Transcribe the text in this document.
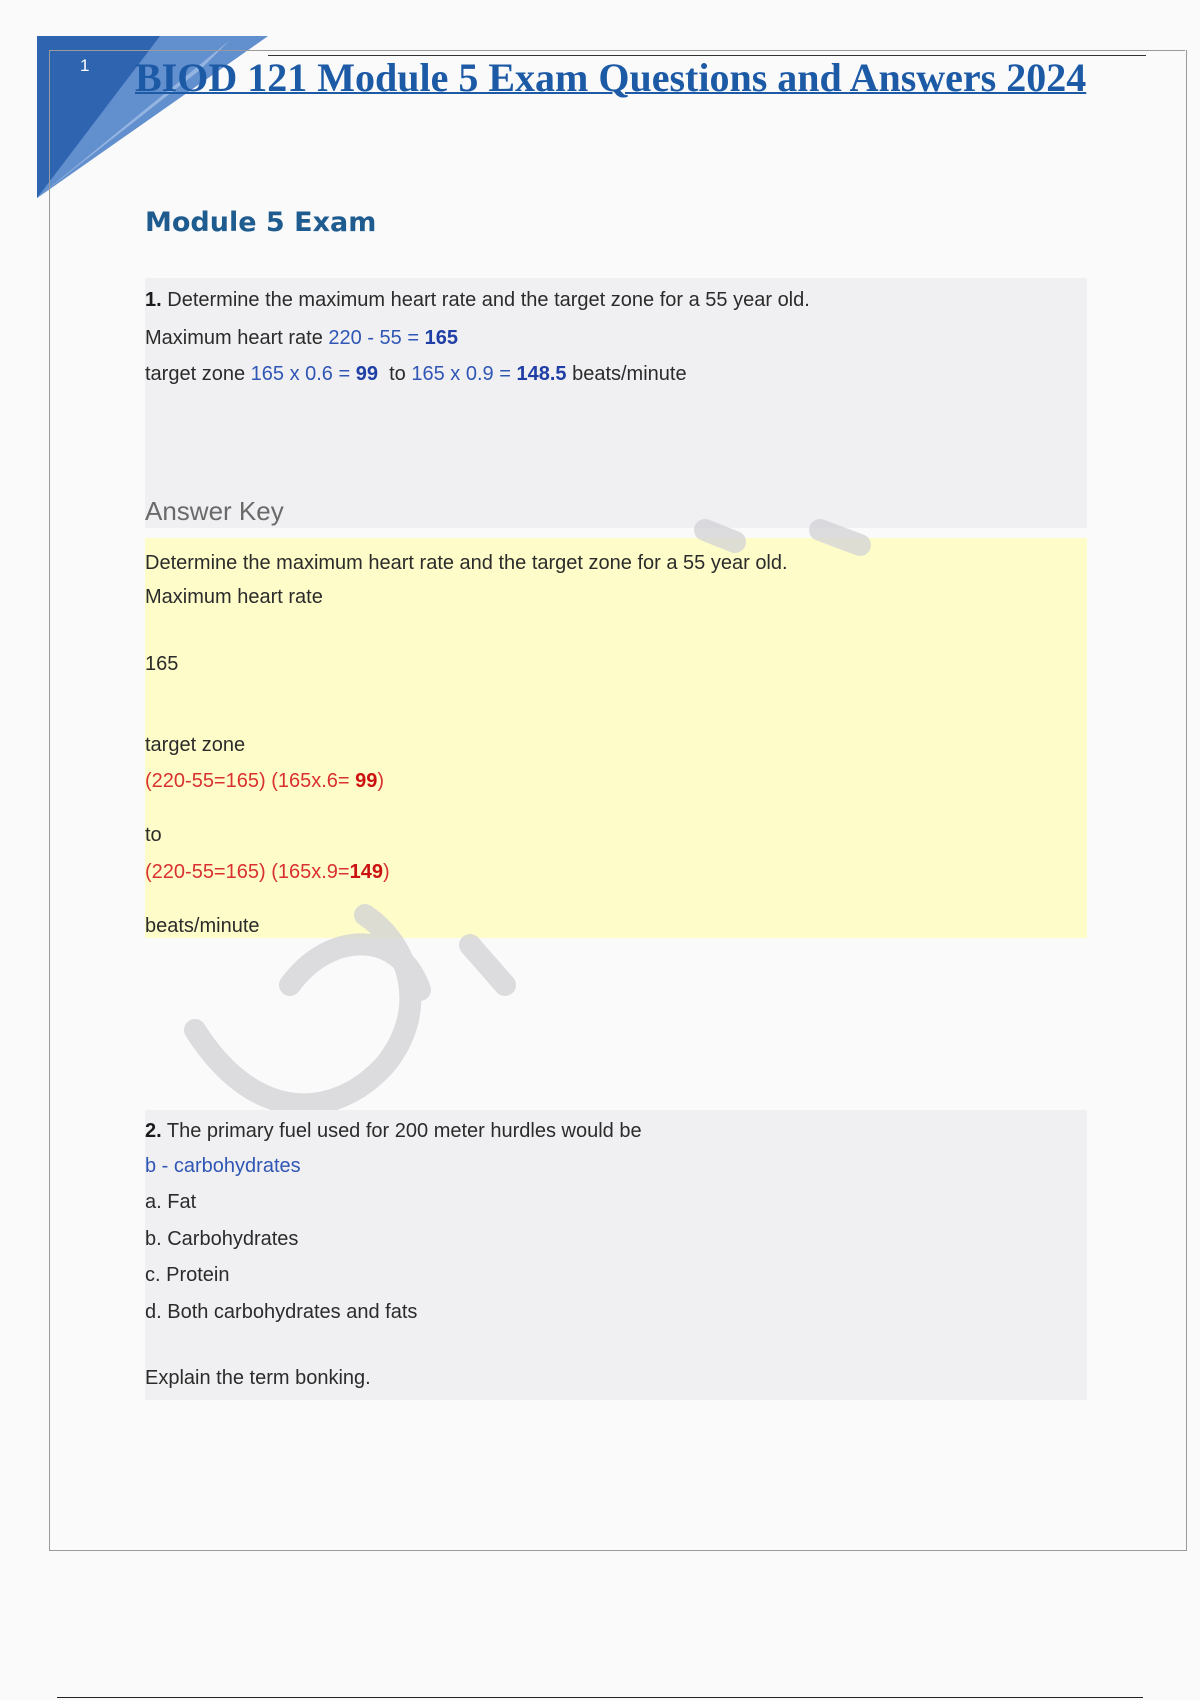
1 BIOD 121 Module 5 Exam Questions and Answers 2024
Module 5 Exam
1. Determine the maximum heart rate and the target zone for a 55 year old.
Maximum heart rate 220 - 55 = 165
target zone 165 x 0.6 = 99 to 165 x 0.9 = 148.5 beats/minute
Answer Key
Determine the maximum heart rate and the target zone for a 55 year old.
Maximum heart rate
165
target zone
(220-55=165) (165x.6= 99)
to
(220-55=165) (165x.9=149)
beats/minute
2. The primary fuel used for 200 meter hurdles would be
b - carbohydrates
a. Fat
b. Carbohydrates
c. Protein
d. Both carbohydrates and fats
Explain the term bonking.
